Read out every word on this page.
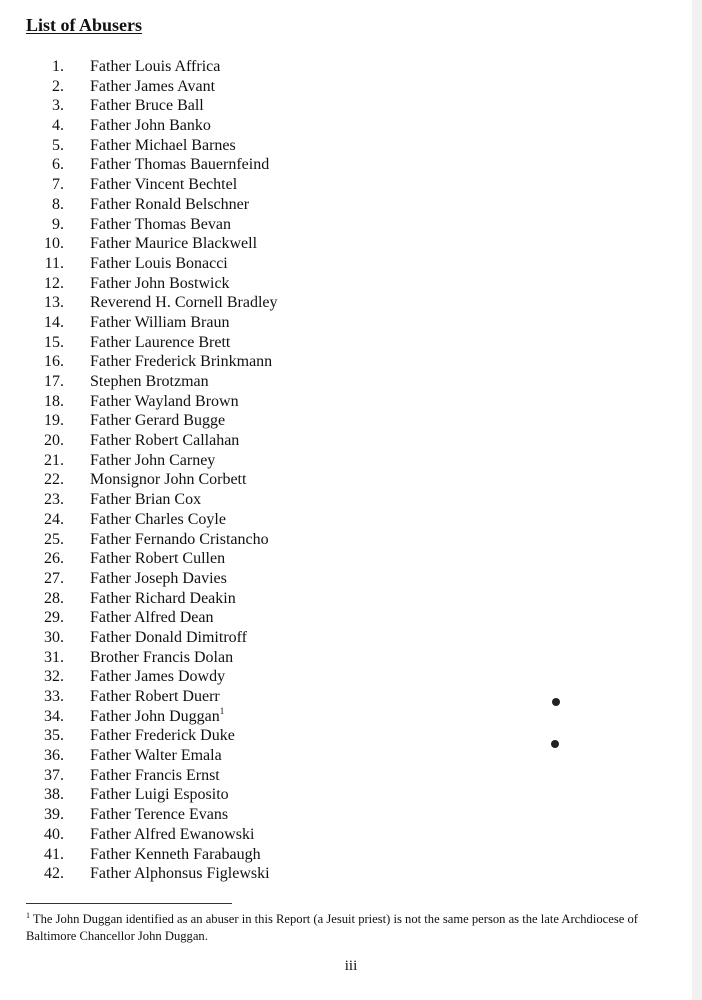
List of Abusers
1. Father Louis Affrica
2. Father James Avant
3. Father Bruce Ball
4. Father John Banko
5. Father Michael Barnes
6. Father Thomas Bauernfeind
7. Father Vincent Bechtel
8. Father Ronald Belschner
9. Father Thomas Bevan
10. Father Maurice Blackwell
11. Father Louis Bonacci
12. Father John Bostwick
13. Reverend H. Cornell Bradley
14. Father William Braun
15. Father Laurence Brett
16. Father Frederick Brinkmann
17. Stephen Brotzman
18. Father Wayland Brown
19. Father Gerard Bugge
20. Father Robert Callahan
21. Father John Carney
22. Monsignor John Corbett
23. Father Brian Cox
24. Father Charles Coyle
25. Father Fernando Cristancho
26. Father Robert Cullen
27. Father Joseph Davies
28. Father Richard Deakin
29. Father Alfred Dean
30. Father Donald Dimitroff
31. Brother Francis Dolan
32. Father James Dowdy
33. Father Robert Duerr
34. Father John Duggan$^1$
35. Father Frederick Duke
36. Father Walter Emala
37. Father Francis Ernst
38. Father Luigi Esposito
39. Father Terence Evans
40. Father Alfred Ewanowski
41. Father Kenneth Farabaugh
42. Father Alphonsus Figlewski

$^1$ The John Duggan identified as an abuser in this Report (a Jesuit priest) is not the same person as the late Archdiocese of Baltimore Chancellor John Duggan.

iii
